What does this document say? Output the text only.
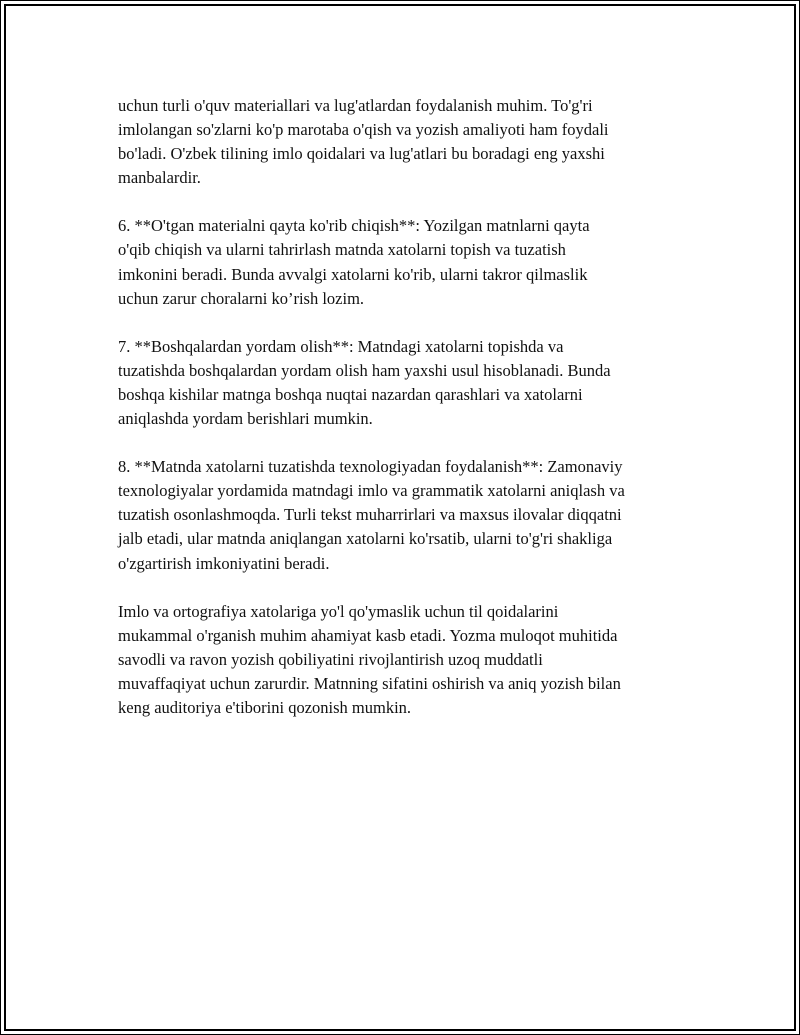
uchun turli o'quv materiallari va lug'atlardan foydalanish muhim. To'g'ri
imlolangan so'zlarni ko'p marotaba o'qish va yozish amaliyoti ham foydali
bo'ladi. O'zbek tilining imlo qoidalari va lug'atlari bu boradagi eng yaxshi
manbalardir.

6. **O'tgan materialni qayta ko'rib chiqish**: Yozilgan matnlarni qayta
o'qib chiqish va ularni tahrirlash matnda xatolarni topish va tuzatish
imkonini beradi. Bunda avvalgi xatolarni ko'rib, ularni takror qilmaslik
uchun zarur choralarni ko’rish lozim.

7. **Boshqalardan yordam olish**: Matndagi xatolarni topishda va
tuzatishda boshqalardan yordam olish ham yaxshi usul hisoblanadi. Bunda
boshqa kishilar matnga boshqa nuqtai nazardan qarashlari va xatolarni
aniqlashda yordam berishlari mumkin.

8. **Matnda xatolarni tuzatishda texnologiyadan foydalanish**: Zamonaviy
texnologiyalar yordamida matndagi imlo va grammatik xatolarni aniqlash va
tuzatish osonlashmoqda. Turli tekst muharrirlari va maxsus ilovalar diqqatni
jalb etadi, ular matnda aniqlangan xatolarni ko'rsatib, ularni to'g'ri shakliga
o'zgartirish imkoniyatini beradi.

Imlo va ortografiya xatolariga yo'l qo'ymaslik uchun til qoidalarini
mukammal o'rganish muhim ahamiyat kasb etadi. Yozma muloqot muhitida
savodli va ravon yozish qobiliyatini rivojlantirish uzoq muddatli
muvaffaqiyat uchun zarurdir. Matnning sifatini oshirish va aniq yozish bilan
keng auditoriya e'tiborini qozonish mumkin.
